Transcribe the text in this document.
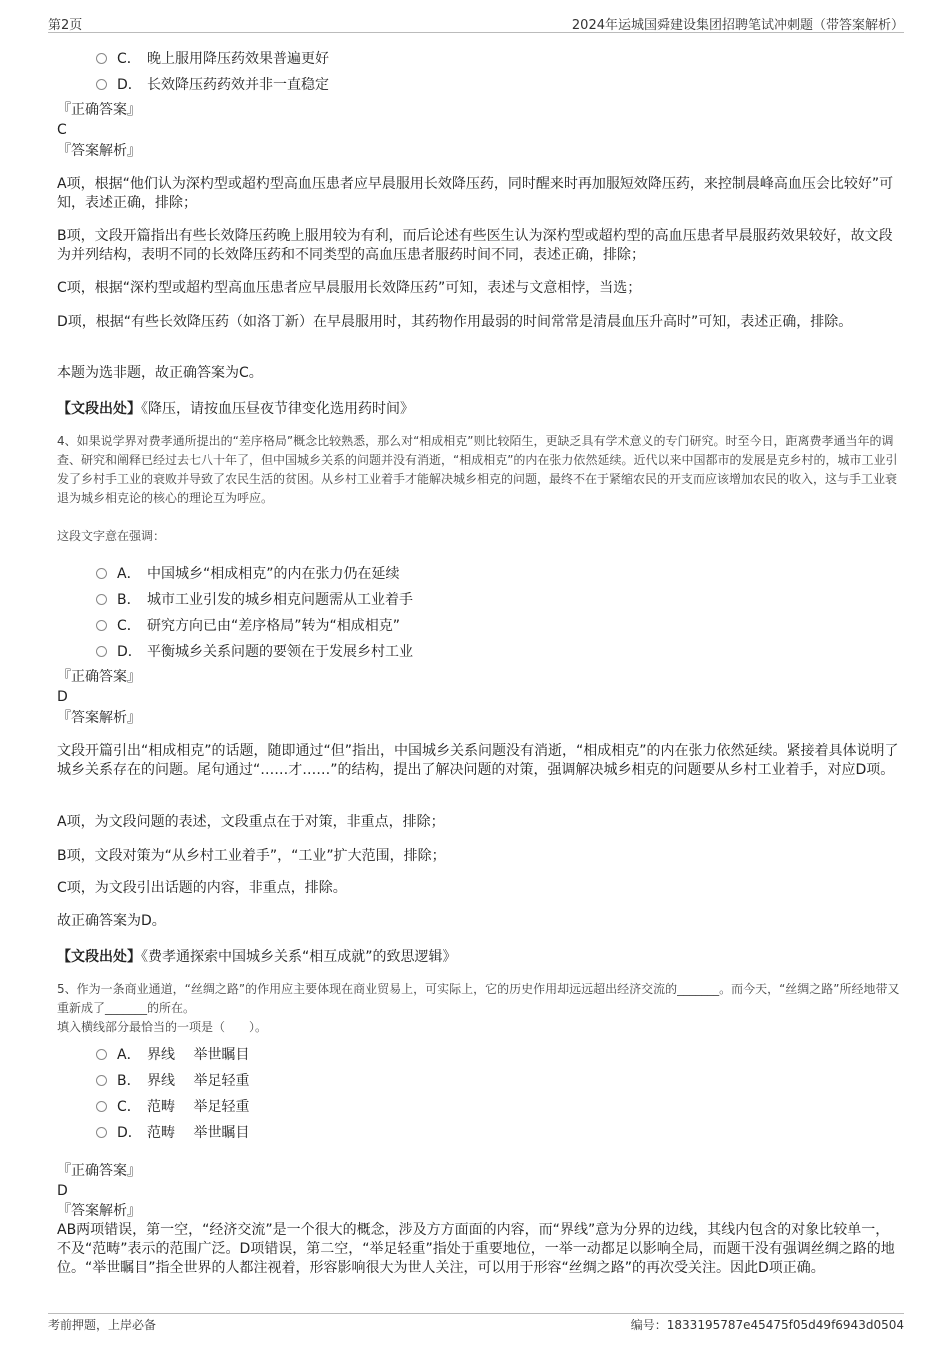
第2页	2024年运城国舜建设集团招聘笔试冲刺题（带答案解析）
C． 晚上服用降压药效果普遍更好
D． 长效降压药药效并非一直稳定
『正确答案』
C
『答案解析』
A项，根据“他们认为深杓型或超杓型高血压患者应早晨服用长效降压药，同时醒来时再加服短效降压药，来控制晨峰高血压会比较好”可知，表述正确，排除；
B项，文段开篇指出有些长效降压药晚上服用较为有利，而后论述有些医生认为深杓型或超杓型的高血压患者早晨服药效果较好，故文段为并列结构，表明不同的长效降压药和不同类型的高血压患者服药时间不同，表述正确，排除；
C项，根据“深杓型或超杓型高血压患者应早晨服用长效降压药”可知，表述与文意相悖，当选；
D项，根据“有些长效降压药（如洛丁新）在早晨服用时，其药物作用最弱的时间常常是清晨血压升高时”可知，表述正确，排除。
本题为选非题，故正确答案为C。
【文段出处】《降压，请按血压昼夜节律变化选用药时间》
4、如果说学界对费孝通所提出的“差序格局”概念比较熟悉，那么对“相成相克”则比较陌生，更缺乏具有学术意义的专门研究。时至今日，距离费孝通当年的调查、研究和阐释已经过去七八十年了，但中国城乡关系的问题并没有消逝，“相成相克”的内在张力依然延续。近代以来中国都市的发展是克乡村的，城市工业引发了乡村手工业的衰败并导致了农民生活的贫困。从乡村工业着手才能解决城乡相克的问题，最终不在于紧缩农民的开支而应该增加农民的收入，这与手工业衰退为城乡相克论的核心的理论互为呼应。
这段文字意在强调：
A． 中国城乡“相成相克”的内在张力仍在延续
B． 城市工业引发的城乡相克问题需从工业着手
C． 研究方向已由“差序格局”转为“相成相克”
D． 平衡城乡关系问题的要领在于发展乡村工业
『正确答案』
D
『答案解析』
文段开篇引出“相成相克”的话题，随即通过“但”指出，中国城乡关系问题没有消逝，“相成相克”的内在张力依然延续。紧接着具体说明了城乡关系存在的问题。尾句通过“……才……”的结构，提出了解决问题的对策，强调解决城乡相克的问题要从乡村工业着手，对应D项。
A项，为文段问题的表述，文段重点在于对策，非重点，排除；
B项，文段对策为“从乡村工业着手”，“工业”扩大范围，排除；
C项，为文段引出话题的内容，非重点，排除。
故正确答案为D。
【文段出处】《费孝通探索中国城乡关系“相互成就”的致思逻辑》
5、作为一条商业通道，“丝绸之路”的作用应主要体现在商业贸易上，可实际上，它的历史作用却远远超出经济交流的_______。而今天，“丝绸之路”所经地带又重新成了_______的所在。
填入横线部分最恰当的一项是（　　）。
A． 界线　 举世瞩目
B． 界线　 举足轻重
C． 范畴　 举足轻重
D． 范畴　 举世瞩目
『正确答案』
D
『答案解析』
AB两项错误，第一空，“经济交流”是一个很大的概念，涉及方方面面的内容，而“界线”意为分界的边线，其线内包含的对象比较单一，不及“范畴”表示的范围广泛。D项错误，第二空，“举足轻重”指处于重要地位，一举一动都足以影响全局，而题干没有强调丝绸之路的地位。“举世瞩目”指全世界的人都注视着，形容影响很大为世人关注，可以用于形容“丝绸之路”的再次受关注。因此D项正确。
考前押题，上岸必备	编号：1833195787e45475f05d49f6943d0504
